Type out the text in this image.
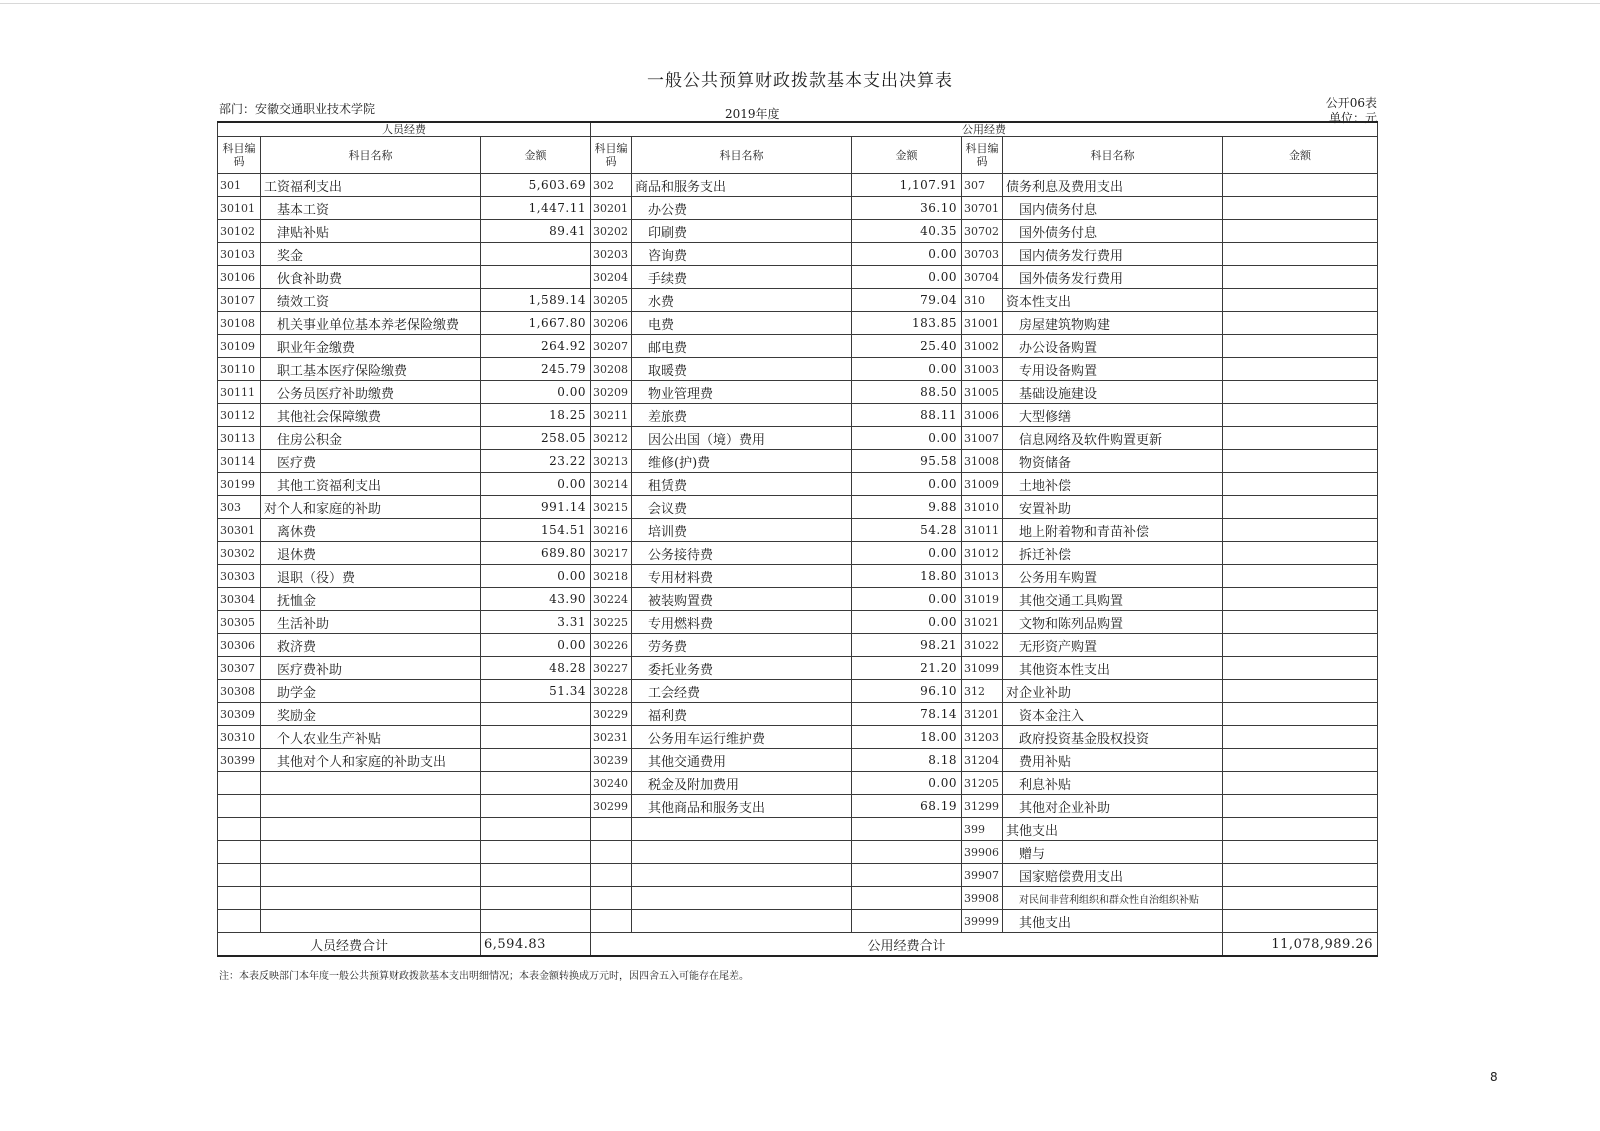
一般公共预算财政拨款基本支出决算表
部门：安徽交通职业技术学院	2019年度
公开06表
单位：元
人员经费			公用经费					
科目编码	科目名称	金额	科目编码	科目名称	金额	科目编码	科目名称	金额
301	工资福利支出	5,603.69	302	商品和服务支出	1,107.91	307	债务利息及费用支出	
30101	基本工资	1,447.11	30201	办公费	36.10	30701	国内债务付息	
30102	津贴补贴	89.41	30202	印刷费	40.35	30702	国外债务付息	
30103	奖金		30203	咨询费	0.00	30703	国内债务发行费用	
30106	伙食补助费		30204	手续费	0.00	30704	国外债务发行费用	
30107	绩效工资	1,589.14	30205	水费	79.04	310	资本性支出	
30108	机关事业单位基本养老保险缴费	1,667.80	30206	电费	183.85	31001	房屋建筑物购建	
30109	职业年金缴费	264.92	30207	邮电费	25.40	31002	办公设备购置	
30110	职工基本医疗保险缴费	245.79	30208	取暖费	0.00	31003	专用设备购置	
30111	公务员医疗补助缴费	0.00	30209	物业管理费	88.50	31005	基础设施建设	
30112	其他社会保障缴费	18.25	30211	差旅费	88.11	31006	大型修缮	
30113	住房公积金	258.05	30212	因公出国（境）费用	0.00	31007	信息网络及软件购置更新	
30114	医疗费	23.22	30213	维修(护)费	95.58	31008	物资储备	
30199	其他工资福利支出	0.00	30214	租赁费	0.00	31009	土地补偿	
303	对个人和家庭的补助	991.14	30215	会议费	9.88	31010	安置补助	
30301	离休费	154.51	30216	培训费	54.28	31011	地上附着物和青苗补偿	
30302	退休费	689.80	30217	公务接待费	0.00	31012	拆迁补偿	
30303	退职（役）费	0.00	30218	专用材料费	18.80	31013	公务用车购置	
30304	抚恤金	43.90	30224	被装购置费	0.00	31019	其他交通工具购置	
30305	生活补助	3.31	30225	专用燃料费	0.00	31021	文物和陈列品购置	
30306	救济费	0.00	30226	劳务费	98.21	31022	无形资产购置	
30307	医疗费补助	48.28	30227	委托业务费	21.20	31099	其他资本性支出	
30308	助学金	51.34	30228	工会经费	96.10	312	对企业补助	
30309	奖励金		30229	福利费	78.14	31201	资本金注入	
30310	个人农业生产补贴		30231	公务用车运行维护费	18.00	31203	政府投资基金股权投资	
30399	其他对个人和家庭的补助支出		30239	其他交通费用	8.18	31204	费用补贴	
			30240	税金及附加费用	0.00	31205	利息补贴	
			30299	其他商品和服务支出	68.19	31299	其他对企业补助	
						399	其他支出	
						39906	赠与	
						39907	国家赔偿费用支出	
						39908	对民间非营利组织和群众性自治组织补贴	
						39999	其他支出	
人员经费合计		6,594.83	公用经费合计					11,078,989.26
注：本表反映部门本年度一般公共预算财政拨款基本支出明细情况；本表金额转换成万元时，因四舍五入可能存在尾差。
8
